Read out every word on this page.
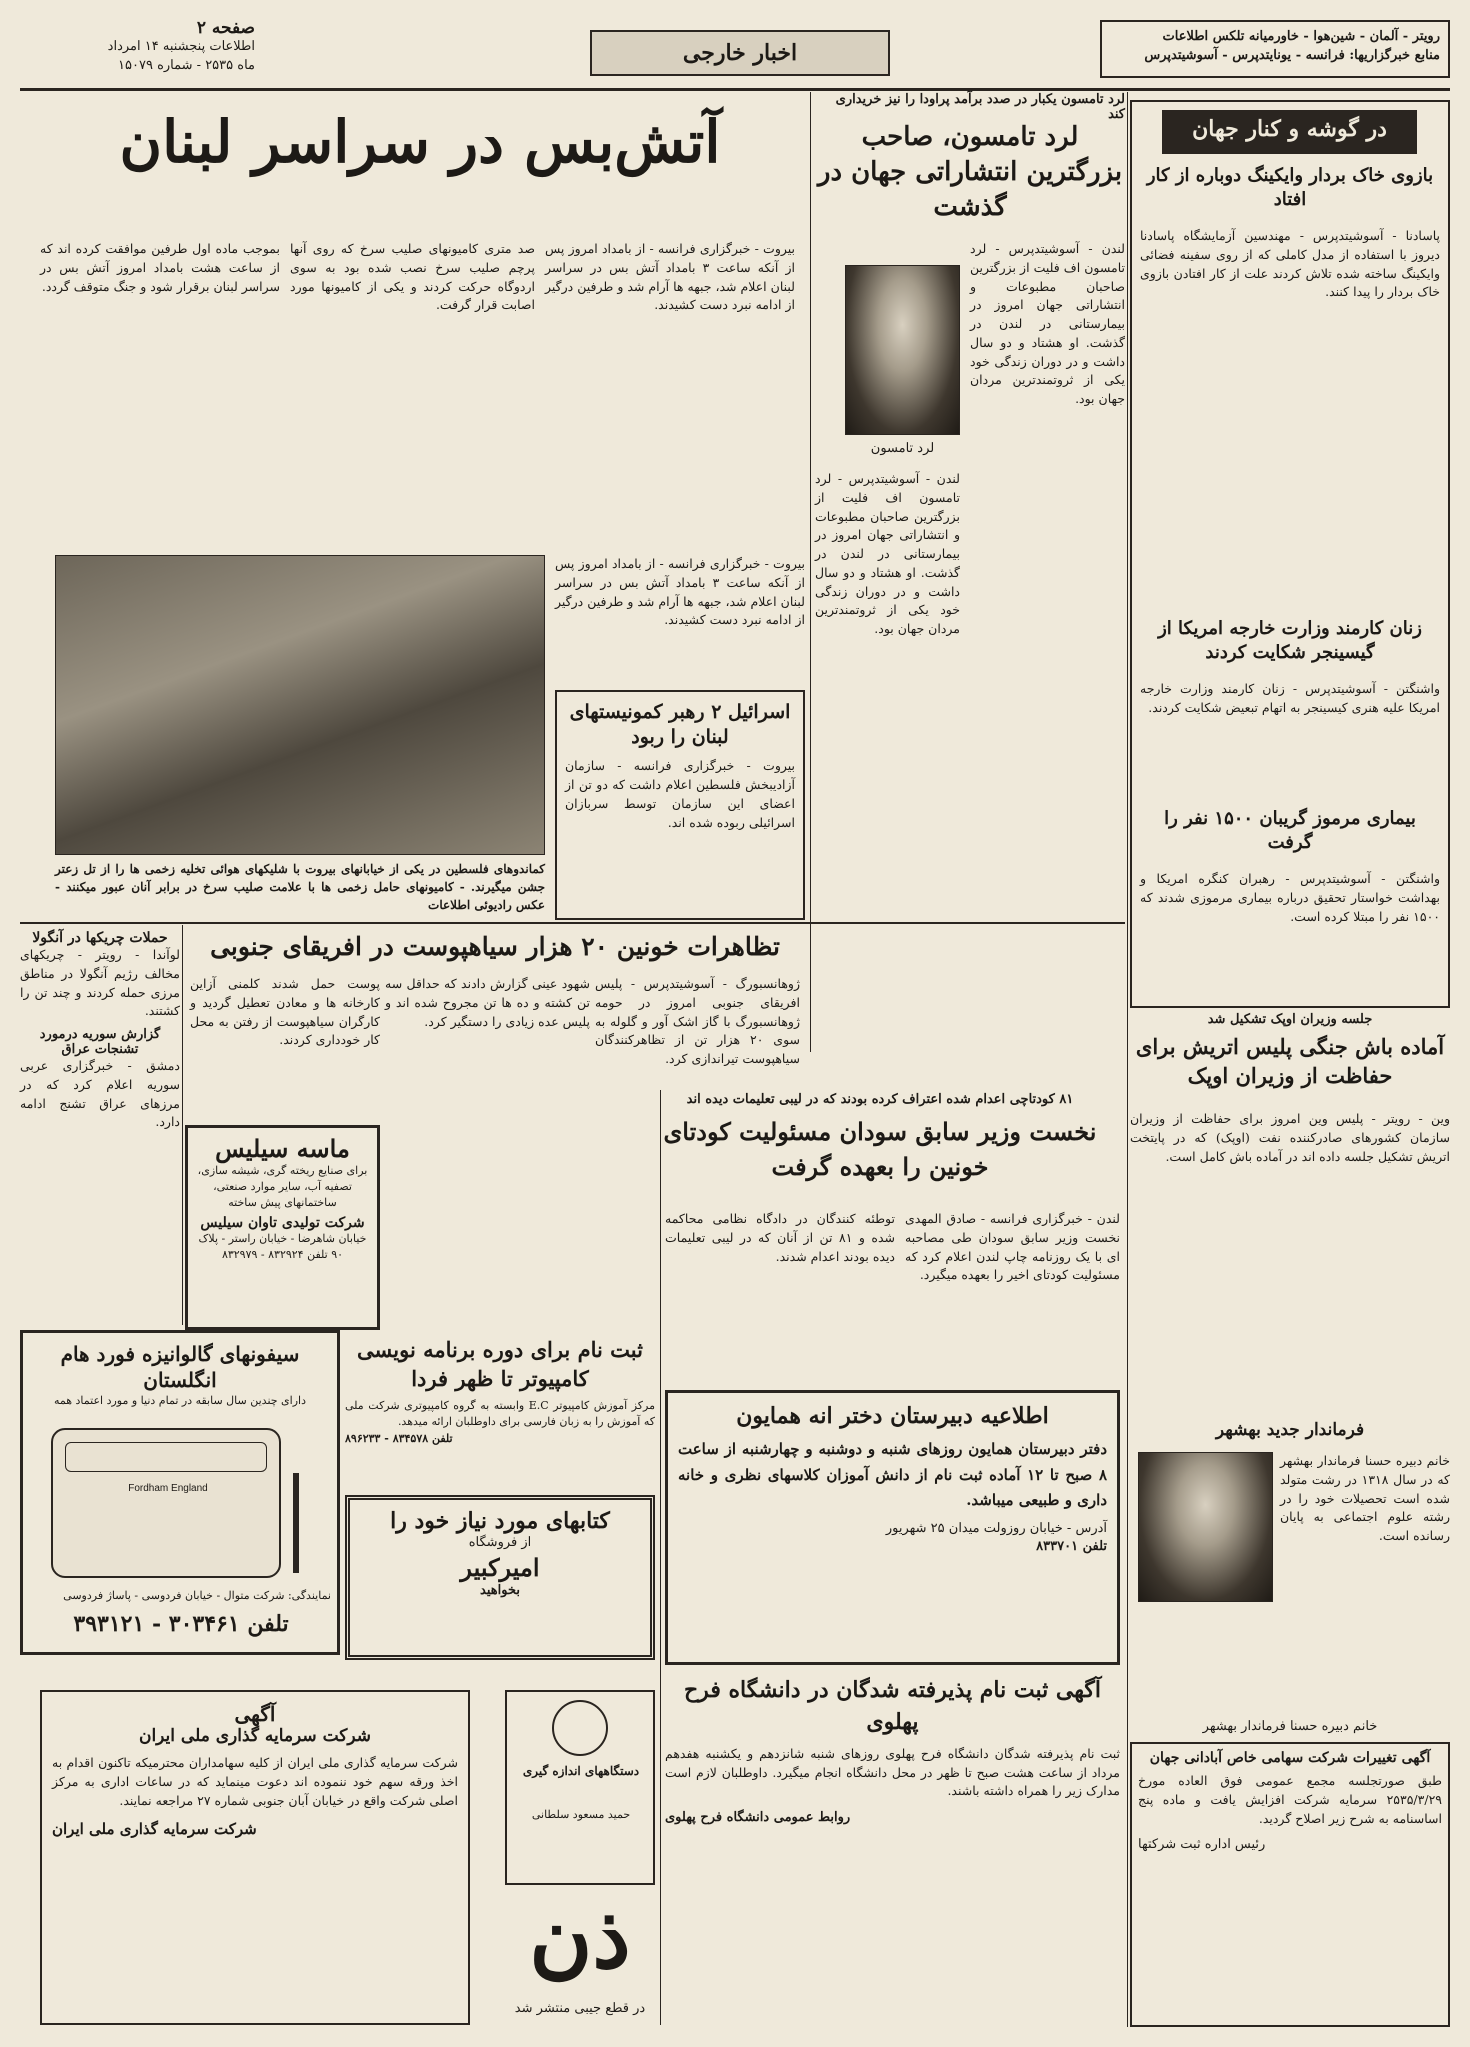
رویتر - آلمان - شین‌هوا - خاورمیانه تلکس اطلاعات
منابع خبرگزاریها: فرانسه - یونایتدپرس - آسوشیتدپرس
اخبار خارجی
صفحه ۲
اطلاعات پنجشنبه ۱۴ امرداد
ماه ۲۵۳۵ - شماره ۱۵۰۷۹
آتش‌بس در سراسر لبنان
بیروت - خبرگزاری فرانسه - از بامداد امروز پس از آنکه ساعت ۳ بامداد آتش بس در سراسر لبنان اعلام شد، جبهه ها آرام شد و طرفین درگیر از ادامه نبرد دست کشیدند.
صد متری کامیونهای صلیب سرخ که روی آنها پرچم صلیب سرخ نصب شده بود به سوی اردوگاه حرکت کردند و یکی از کامیونها مورد اصابت قرار گرفت.
بموجب ماده اول طرفین موافقت کرده اند که از ساعت هشت بامداد امروز آتش بس در سراسر لبنان برقرار شود و جنگ متوقف گردد.
کماندوهای فلسطین در یکی از خیابانهای بیروت با شلیکهای هوائی تخلیه زخمی ها را از تل زعتر جشن میگیرند. - کامیونهای حامل زخمی ها با علامت صلیب سرخ در برابر آنان عبور میکنند - عکس رادیوئی اطلاعات
اسرائیل ۲ رهبر کمونیستهای لبنان را ربود
بیروت - خبرگزاری فرانسه - سازمان آزادیبخش فلسطین اعلام داشت که دو تن از اعضای این سازمان توسط سربازان اسرائیلی ربوده شده اند.
بیروت - خبرگزاری فرانسه - از بامداد امروز پس از آنکه ساعت ۳ بامداد آتش بس در سراسر لبنان اعلام شد، جبهه ها آرام شد و طرفین درگیر از ادامه نبرد دست کشیدند.
لرد تامسون یکبار در صدد برآمد پراودا را نیز خریداری کند
لرد تامسون، صاحب بزرگترین انتشاراتی جهان در گذشت
لرد تامسون
لندن - آسوشیتدپرس - لرد تامسون اف فلیت از بزرگترین صاحبان مطبوعات و انتشاراتی جهان امروز در بیمارستانی در لندن در گذشت. او هشتاد و دو سال داشت و در دوران زندگی خود یکی از ثروتمندترین مردان جهان بود.
لندن - آسوشیتدپرس - لرد تامسون اف فلیت از بزرگترین صاحبان مطبوعات و انتشاراتی جهان امروز در بیمارستانی در لندن در گذشت. او هشتاد و دو سال داشت و در دوران زندگی خود یکی از ثروتمندترین مردان جهان بود.
در گوشه و کنار جهان
بازوی خاک بردار وایکینگ دوباره از کار افتاد
پاسادنا - آسوشیتدپرس - مهندسین آزمایشگاه پاسادنا دیروز با استفاده از مدل کاملی که از روی سفینه فضائی وایکینگ ساخته شده تلاش کردند علت از کار افتادن بازوی خاک بردار را پیدا کنند.
زنان کارمند وزارت خارجه امریکا از گیسینجر شکایت کردند
واشنگتن - آسوشیتدپرس - زنان کارمند وزارت خارجه امریکا علیه هنری کیسینجر به اتهام تبعیض شکایت کردند.
بیماری مرموز گریبان ۱۵۰۰ نفر را گرفت
واشنگتن - آسوشیتدپرس - رهبران کنگره امریکا و بهداشت خواستار تحقیق درباره بیماری مرموزی شدند که ۱۵۰۰ نفر را مبتلا کرده است.
جلسه وزیران اوپک تشکیل شد
آماده باش جنگی پلیس اتریش برای حفاظت از وزیران اوپک
وین - رویتر - پلیس وین امروز برای حفاظت از وزیران سازمان کشورهای صادرکننده نفت (اوپک) که در پایتخت اتریش تشکیل جلسه داده اند در آماده باش کامل است.
فرماندار جدید بهشهر
خانم دبیره حسنا فرماندار بهشهر که در سال ۱۳۱۸ در رشت متولد شده است تحصیلات خود را در رشته علوم اجتماعی به پایان رسانده است.
خانم دبیره حسنا فرماندار بهشهر
آگهی تغییرات شرکت سهامی خاص آبادانی جهان
طبق صورتجلسه مجمع عمومی فوق العاده مورخ ۲۵۳۵/۳/۲۹ سرمایه شرکت افزایش یافت و ماده پنج اساسنامه به شرح زیر اصلاح گردید.
رئیس اداره ثبت شرکتها
حملات چریکها در آنگولا
لوآندا - رویتر - چریکهای مخالف رژیم آنگولا در مناطق مرزی حمله کردند و چند تن را کشتند.
گزارش سوریه درمورد تشنجات عراق
دمشق - خبرگزاری عربی سوریه اعلام کرد که در مرزهای عراق تشنج ادامه دارد.
تظاهرات خونین ۲۰ هزار سیاهپوست در افریقای جنوبی
ژوهانسبورگ - آسوشیتدپرس - پلیس افریقای جنوبی امروز در حومه ژوهانسبورگ با گاز اشک آور و گلوله به سوی ۲۰ هزار تن از تظاهرکنندگان سیاهپوست تیراندازی کرد.
شهود عینی گزارش دادند که حداقل سه تن کشته و ده ها تن مجروح شده اند و پلیس عده زیادی را دستگیر کرد.
پوست حمل شدند کلمنی آزاین کارخانه ها و معادن تعطیل گردید و کارگران سیاهپوست از رفتن به محل کار خودداری کردند.
ماسه سیلیس
برای صنایع ریخته گری، شیشه سازی، تصفیه آب، سایر موارد صنعتی، ساختمانهای پیش ساخته
شرکت تولیدی تاوان سیلیس
خیابان شاهرضا - خیابان راستر - پلاک ۹۰ تلفن ۸۳۲۹۲۴ - ۸۳۲۹۷۹
۸۱ کودتاچی اعدام شده اعتراف کرده بودند که در لیبی تعلیمات دیده اند
نخست وزیر سابق سودان مسئولیت کودتای خونین را بعهده گرفت
لندن - خبرگزاری فرانسه - صادق المهدی نخست وزیر سابق سودان طی مصاحبه ای با یک روزنامه چاپ لندن اعلام کرد که مسئولیت کودتای اخیر را بعهده میگیرد.
توطئه کنندگان در دادگاه نظامی محاکمه شده و ۸۱ تن از آنان که در لیبی تعلیمات دیده بودند اعدام شدند.
سیفونهای گالوانیزه فورد هام انگلستان
دارای چندین سال سابقه در تمام دنیا و مورد اعتماد همه
Fordham England
نمایندگی: شرکت متوال - خیابان فردوسی - پاساژ فردوسی
تلفن ۳۰۳۴۶۱ - ۳۹۳۱۲۱
ثبت نام برای دوره برنامه نویسی کامپیوتر تا ظهر فردا
مرکز آموزش کامپیوتر E.C وابسته به گروه کامپیوتری شرکت ملی که آموزش را به زبان فارسی برای داوطلبان ارائه میدهد.
تلفن ۸۳۴۵۷۸ - ۸۹۶۲۳۳
کتابهای مورد نیاز خود را
از فروشگاه
امیرکبیر
بخواهید
اطلاعیه دبیرستان دختر انه همایون
دفتر دبیرستان همایون روزهای شنبه و دوشنبه و چهارشنبه از ساعت ۸ صبح تا ۱۲ آماده ثبت نام از دانش آموزان کلاسهای نظری و خانه داری و طبیعی میباشد.
آدرس - خیابان روزولت میدان ۲۵ شهریور
تلفن ۸۳۳۷۰۱
آگهی ثبت نام پذیرفته شدگان در دانشگاه فرح پهلوی
ثبت نام پذیرفته شدگان دانشگاه فرح پهلوی روزهای شنبه شانزدهم و یکشنبه هفدهم مرداد از ساعت هشت صبح تا ظهر در محل دانشگاه انجام میگیرد. داوطلبان لازم است مدارک زیر را همراه داشته باشند.
روابط عمومی دانشگاه فرح پهلوی
آگهی
شرکت سرمایه گذاری ملی ایران
شرکت سرمایه گذاری ملی ایران از کلیه سهامداران محترمیکه تاکنون اقدام به اخذ ورقه سهم خود ننموده اند دعوت مینماید که در ساعات اداری به مرکز اصلی شرکت واقع در خیابان آبان جنوبی شماره ۲۷ مراجعه نمایند.
شرکت سرمایه گذاری ملی ایران
دستگاههای اندازه گیری
حمید مسعود سلطانی
ذن
در قطع جیبی منتشر شد
